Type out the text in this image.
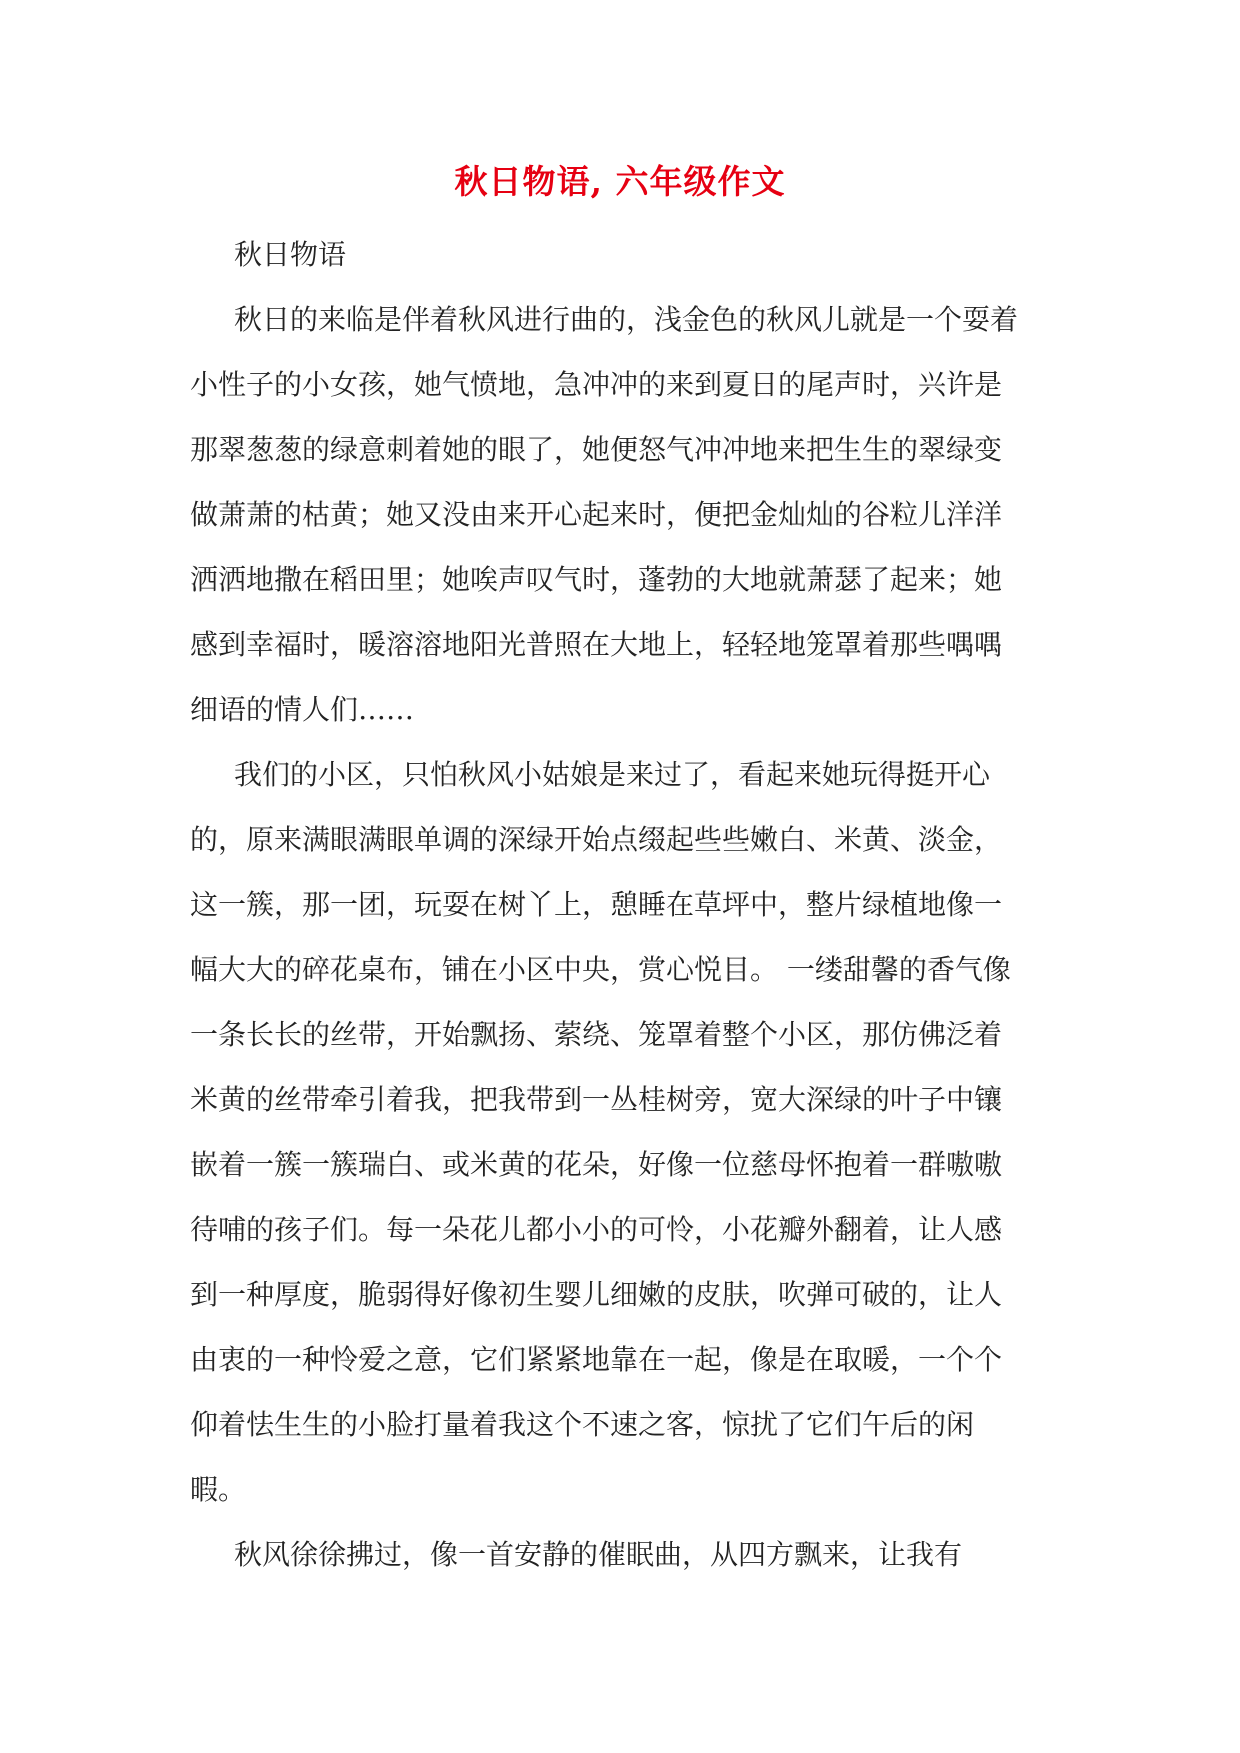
秋日物语, 六年级作文
秋日物语
秋日的来临是伴着秋风进行曲的，浅金色的秋风儿就是一个耍着
小性子的小女孩，她气愤地，急冲冲的来到夏日的尾声时，兴许是
那翠葱葱的绿意刺着她的眼了，她便怒气冲冲地来把生生的翠绿变
做萧萧的枯黄；她又没由来开心起来时，便把金灿灿的谷粒儿洋洋
洒洒地撒在稻田里；她唉声叹气时，蓬勃的大地就萧瑟了起来；她
感到幸福时，暖溶溶地阳光普照在大地上，轻轻地笼罩着那些喁喁
细语的情人们……
我们的小区，只怕秋风小姑娘是来过了，看起来她玩得挺开心
的，原来满眼满眼单调的深绿开始点缀起些些嫩白、米黄、淡金，
这一簇，那一团，玩耍在树丫上，憩睡在草坪中，整片绿植地像一
幅大大的碎花桌布，铺在小区中央，赏心悦目。 一缕甜馨的香气像
一条长长的丝带，开始飘扬、萦绕、笼罩着整个小区，那仿佛泛着
米黄的丝带牵引着我，把我带到一丛桂树旁，宽大深绿的叶子中镶
嵌着一簇一簇瑞白、或米黄的花朵，好像一位慈母怀抱着一群嗷嗷
待哺的孩子们。每一朵花儿都小小的可怜，小花瓣外翻着，让人感
到一种厚度，脆弱得好像初生婴儿细嫩的皮肤，吹弹可破的，让人
由衷的一种怜爱之意，它们紧紧地靠在一起，像是在取暖，一个个
仰着怯生生的小脸打量着我这个不速之客，惊扰了它们午后的闲
暇。
秋风徐徐拂过，像一首安静的催眠曲，从四方飘来，让我有
